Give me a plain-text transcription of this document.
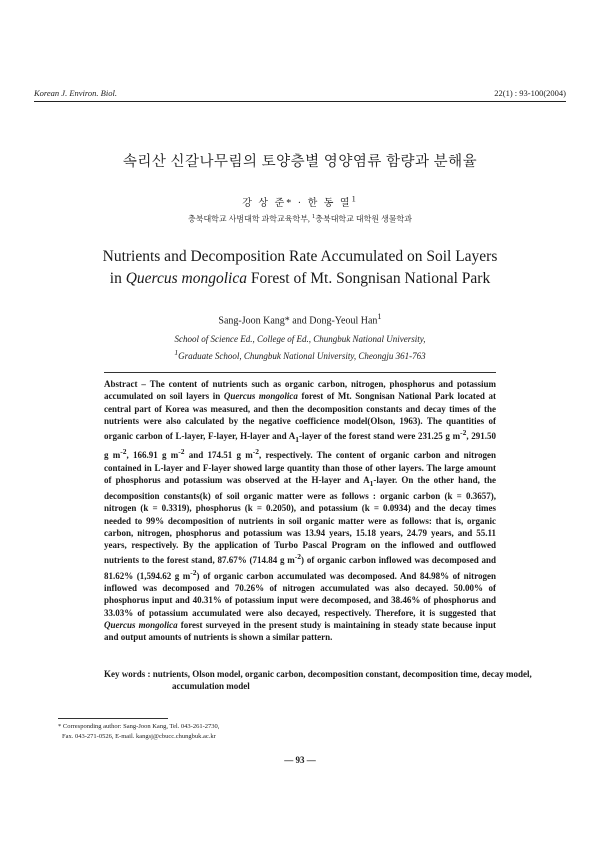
Korean J. Environ. Biol.	22(1) : 93-100(2004)
속리산 신갈나무림의 토양층별 영양염류 함량과 분해율
강 상 준* · 한 동 열$^1$
충북대학교 사범대학 과학교육학부, $^1$충북대학교 대학원 생물학과
Nutrients and Decomposition Rate Accumulated on Soil Layers
in Quercus mongolica Forest of Mt. Songnisan National Park
Sang-Joon Kang* and Dong-Yeoul Han$^1$
School of Science Ed., College of Ed., Chungbuk National University,
$^1$Graduate School, Chungbuk National University, Cheongju 361-763
Abstract – The content of nutrients such as organic carbon, nitrogen, phosphorus and potassium accumulated on soil layers in Quercus mongolica forest of Mt. Songnisan National Park located at central part of Korea was measured, and then the decomposition constants and decay times of the nutrients were also calculated by the negative coefficience model(Olson, 1963). The quantities of organic carbon of L-layer, F-layer, H-layer and $A_1$-layer of the forest stand were 231.25 g $m^{-2}$, 291.50 g $m^{-2}$, 166.91 g $m^{-2}$ and 174.51 g $m^{-2}$, respectively. The content of organic carbon and nitrogen contained in L-layer and F-layer showed large quantity than those of other layers. The large amount of phosphorus and potassium was observed at the H-layer and $A_1$-layer. On the other hand, the decomposition constants(k) of soil organic matter were as follows : organic carbon (k = 0.3657), nitrogen (k = 0.3319), phosphorus (k = 0.2050), and potassium (k = 0.0934) and the decay times needed to 99% decomposition of nutrients in soil organic matter were as follows: that is, organic carbon, nitrogen, phosphorus and potassium was 13.94 years, 15.18 years, 24.79 years, and 55.11 years, respectively. By the application of Turbo Pascal Program on the inflowed and outflowed nutrients to the forest stand, 87.67% (714.84 g $m^{-2}$) of organic carbon inflowed was decomposed and 81.62% (1,594.62 g $m^{-2}$) of organic carbon accumulated was decomposed. And 84.98% of nitrogen inflowed was decomposed and 70.26% of nitrogen accumulated was also decayed. 50.00% of phosphorus input and 40.31% of potassium input were decomposed, and 38.46% of phosphorus and 33.03% of potassium accumulated were also decayed, respectively. Therefore, it is suggested that Quercus mongolica forest surveyed in the present study is maintaining in steady state because input and output amounts of nutrients is shown a similar pattern.
Key words : nutrients, Olson model, organic carbon, decomposition constant, decomposition time, decay model, accumulation model
* Corresponding author: Sang-Joon Kang, Tel. 043-261-2730,
Fax. 043-271-0526, E-mail. kangsj@cbucc.chungbuk.ac.kr
— 93 —
